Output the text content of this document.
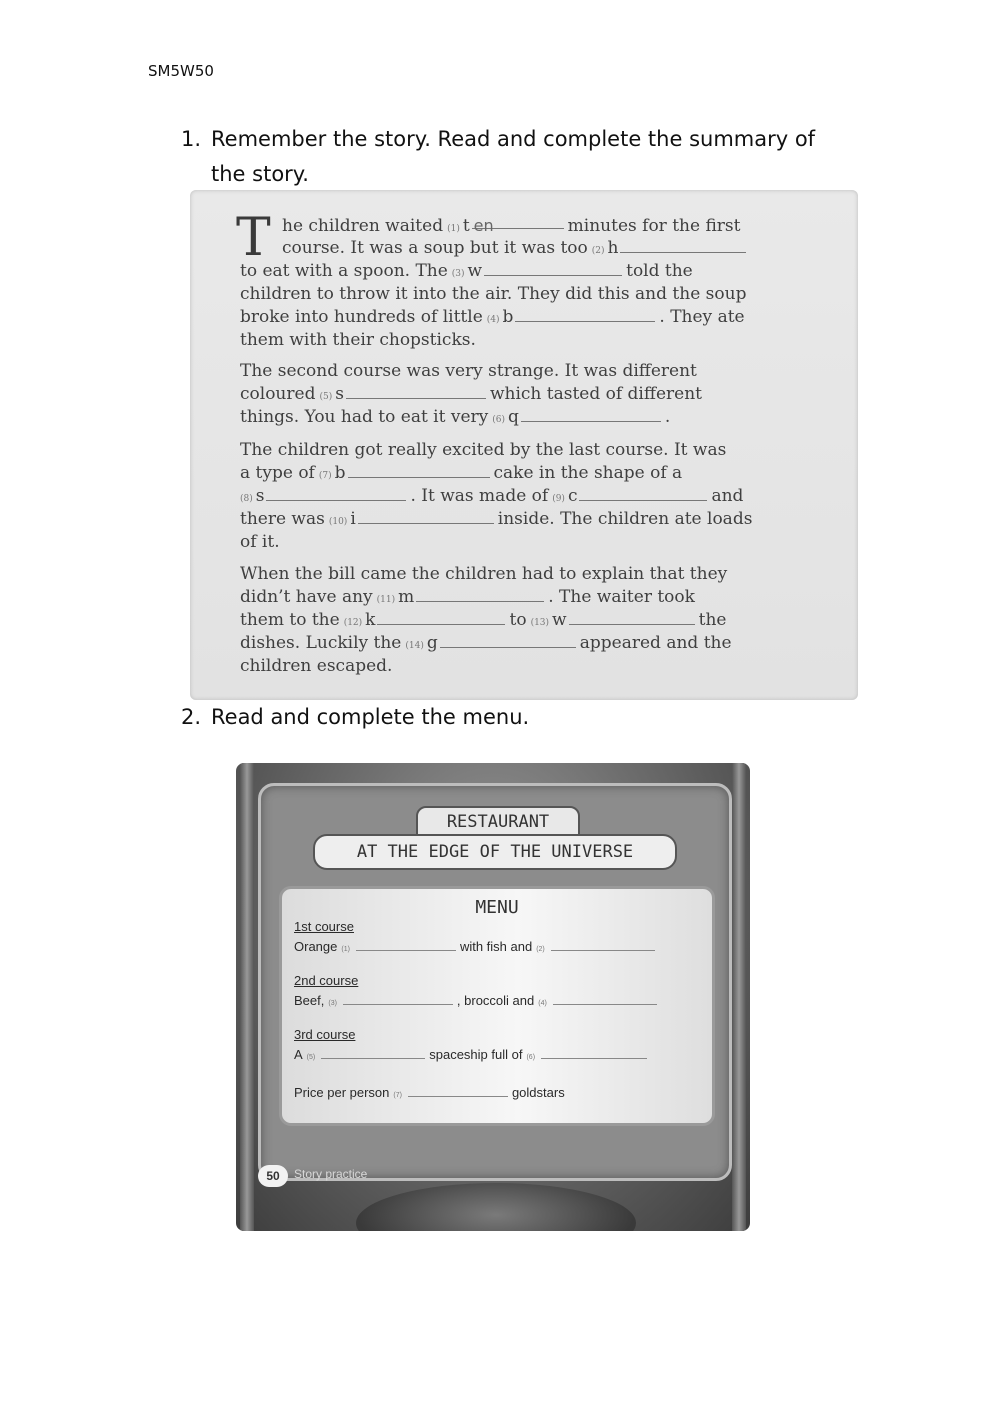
SM5W50
1. Remember the story. Read and complete the summary of
the story.
T he children waited (1) t en	minutes for the first
course. It was a soup but it was too (2) h
to eat with a spoon. The (3) w	told the
children to throw it into the air. They did this and the soup
broke into hundreds of little (4) b	. They ate
them with their chopsticks.
The second course was very strange. It was different
coloured (5) s	which tasted of different
things. You had to eat it very (6) q	.
The children got really excited by the last course. It was
a type of (7) b	cake in the shape of a
(8) s	. It was made of (9) c	and
there was (10) i	inside. The children ate loads
of it.
When the bill came the children had to explain that they
didn’t have any (11) m	. The waiter took
them to the (12) k	to (13) w	the
dishes. Luckily the (14) g	appeared and the
children escaped.
2. Read and complete the menu.
RESTAURANT
AT THE EDGE OF THE UNIVERSE
MENU
1st course
Orange (1)	with fish and (2)
2nd course
Beef, (3)	, broccoli and (4)
3rd course
A (5)	spaceship full of (6)
Price per person (7)	goldstars
50	Story practice
